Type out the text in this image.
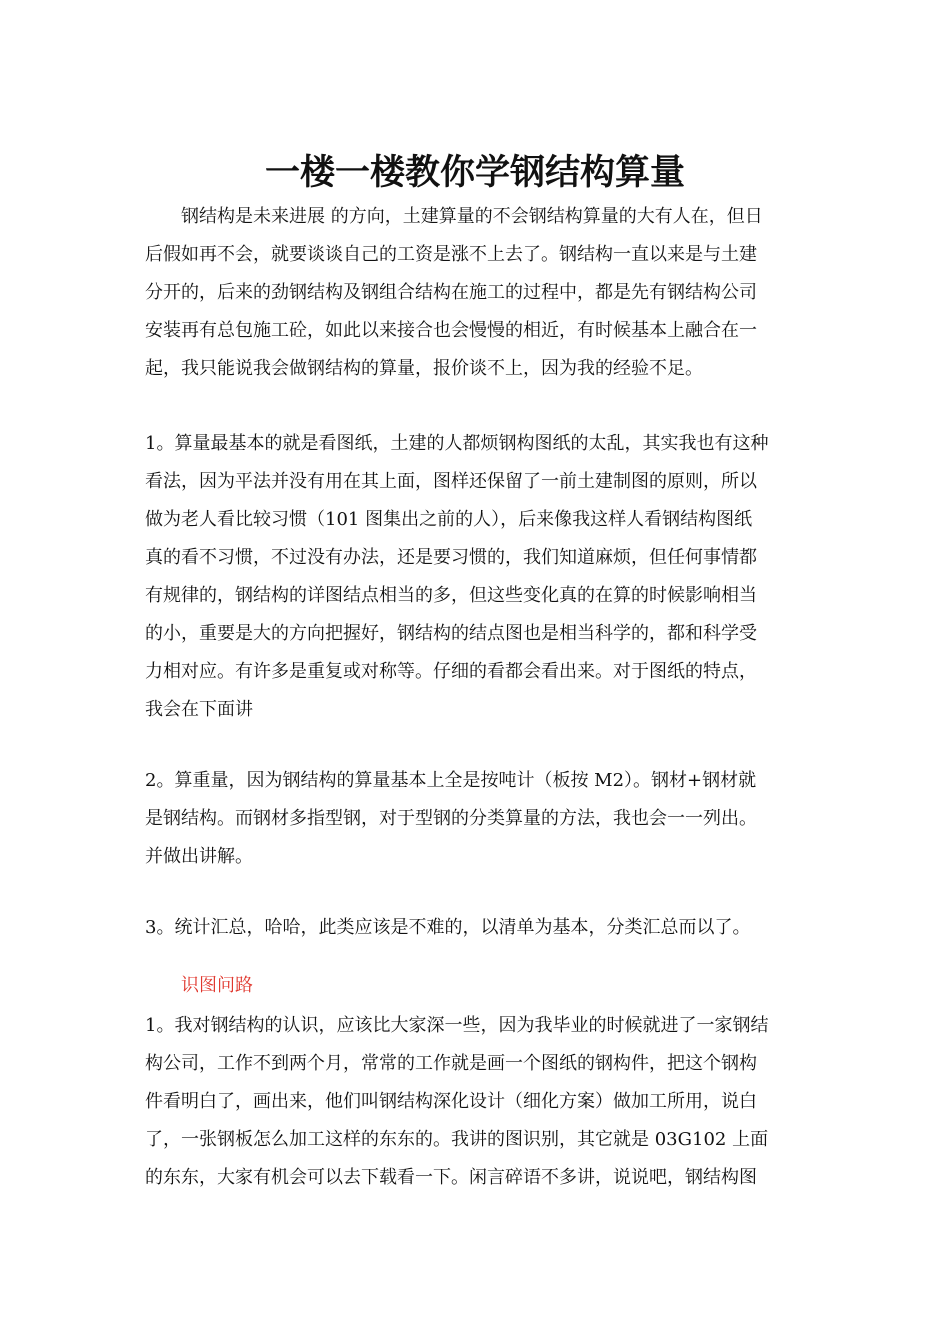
一楼一楼教你学钢结构算量
钢结构是未来进展 的方向，土建算量的不会钢结构算量的大有人在，但日
后假如再不会，就要谈谈自己的工资是涨不上去了。钢结构一直以来是与土建
分开的，后来的劲钢结构及钢组合结构在施工的过程中，都是先有钢结构公司
安装再有总包施工砼，如此以来接合也会慢慢的相近，有时候基本上融合在一
起，我只能说我会做钢结构的算量，报价谈不上，因为我的经验不足。
1。算量最基本的就是看图纸，土建的人都烦钢构图纸的太乱，其实我也有这种
看法，因为平法并没有用在其上面，图样还保留了一前土建制图的原则，所以
做为老人看比较习惯（101 图集出之前的人），后来像我这样人看钢结构图纸
真的看不习惯，不过没有办法，还是要习惯的，我们知道麻烦，但任何事情都
有规律的，钢结构的详图结点相当的多，但这些变化真的在算的时候影响相当
的小，重要是大的方向把握好，钢结构的结点图也是相当科学的，都和科学受
力相对应。有许多是重复或对称等。仔细的看都会看出来。对于图纸的特点，
我会在下面讲
2。算重量，因为钢结构的算量基本上全是按吨计（板按 M2）。钢材+钢材就
是钢结构。而钢材多指型钢，对于型钢的分类算量的方法，我也会一一列出。
并做出讲解。
3。统计汇总，哈哈，此类应该是不难的，以清单为基本，分类汇总而以了。
识图问路
1。我对钢结构的认识，应该比大家深一些，因为我毕业的时候就进了一家钢结
构公司，工作不到两个月，常常的工作就是画一个图纸的钢构件，把这个钢构
件看明白了，画出来，他们叫钢结构深化设计（细化方案）做加工所用，说白
了，一张钢板怎么加工这样的东东的。我讲的图识别，其它就是 03G102 上面
的东东，大家有机会可以去下载看一下。闲言碎语不多讲，说说吧，钢结构图
